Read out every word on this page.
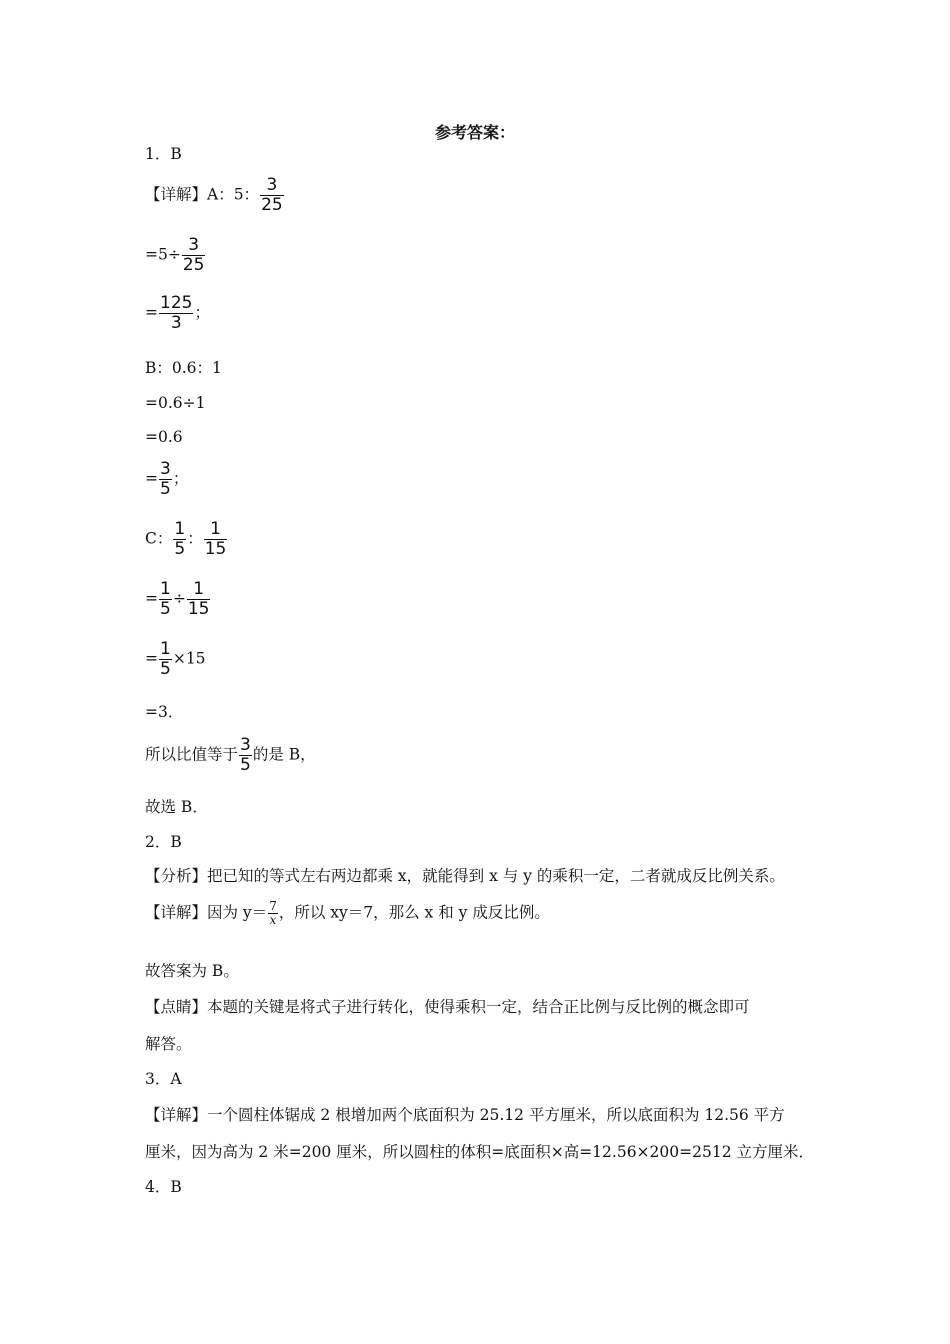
参考答案：
1．B
【详解】A：5： $\frac{3}{25}$
$=5\div \frac{3}{25}$
= $\frac{125}{3}$ ；
B：0.6：1
=0.6÷1
=0.6
= $\frac{3}{5}$ ；
C： $\frac{1}{5}$ ： $\frac{1}{15}$
= $\frac{1}{5} \div \frac{1}{15}$
= $\frac{1}{5} \times 15$
=3．
所以比值等于 $\frac{3}{5}$ 的是 B，
故选 B．
2．B
【分析】把已知的等式左右两边都乘 x，就能得到 x 与 y 的乘积一定，二者就成反比例关系。
【详解】因为 $y= \frac{7}{x}$ ，所以 xy＝7，那么 x 和 y 成反比例。
故答案为 B。
【点睛】本题的关键是将式子进行转化，使得乘积一定，结合正比例与反比例的概念即可
解答。
3．A
【详解】一个圆柱体锯成 2 根增加两个底面积为 25.12 平方厘米，所以底面积为 12.56 平方
厘米，因为高为 2 米=200 厘米，所以圆柱的体积=底面积×高=12.56×200=2512 立方厘米．
4．B
